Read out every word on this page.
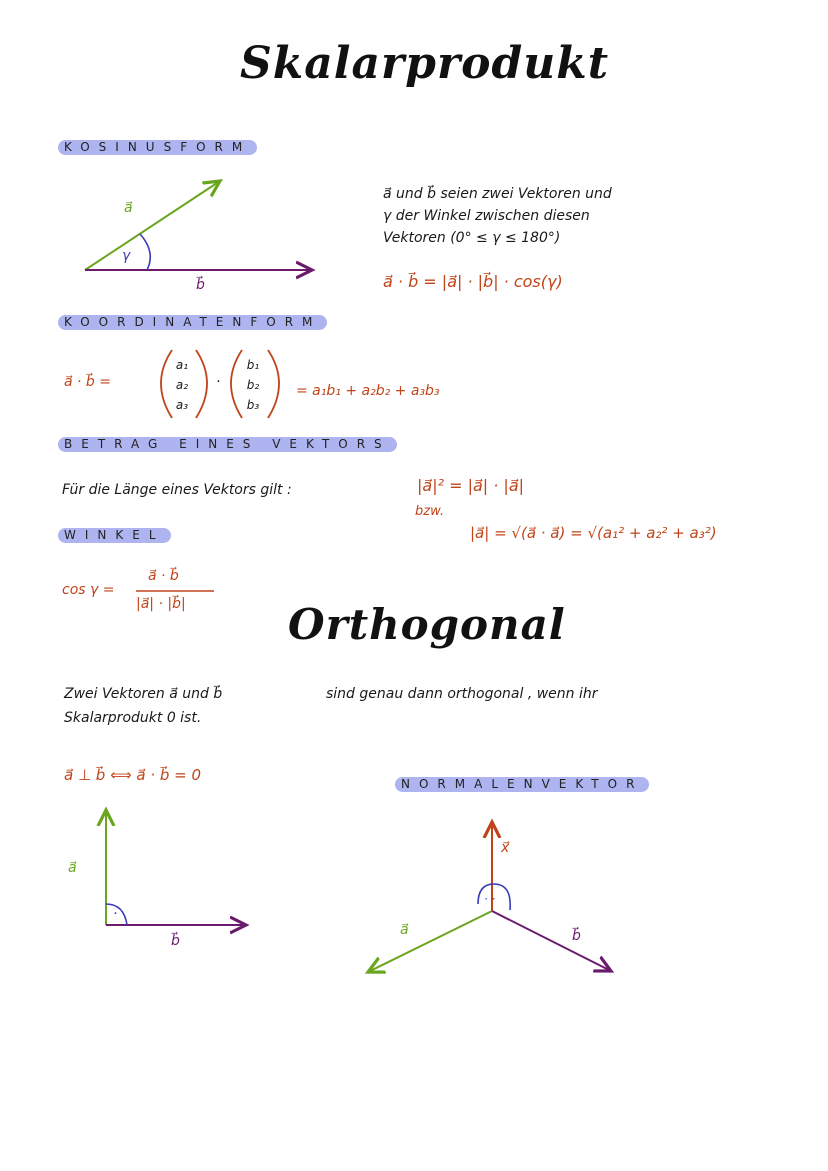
Skalarprodukt
Orthogonal
KOSINUSFORM
KOORDINATENFORM
BETRAG EINES VEKTORS
WINKEL
NORMALENVEKTOR
a⃗
b⃗
γ
a⃗ und b⃗ seien zwei Vektoren und
γ der Winkel zwischen diesen
Vektoren (0° ≤ γ ≤ 180°)
a⃗ · b⃗ = |a⃗| · |b⃗| · cos(γ)
a⃗ · b⃗ =
a₁
a₂
a₃
·
b₁
b₂
b₃
= a₁b₁ + a₂b₂ + a₃b₃
Für die Länge eines Vektors gilt :	|a⃗|² = |a⃗| · |a⃗|
bzw.
|a⃗| = √(a⃗ · a⃗) = √(a₁² + a₂² + a₃²)
cos γ =
a⃗ · b⃗
|a⃗| · |b⃗|
Zwei Vektoren a⃗ und b⃗	sind genau dann orthogonal , wenn ihr
Skalarprodukt 0 ist.
a⃗ ⊥ b⃗ ⟺ a⃗ · b⃗ = 0
a⃗
b⃗
·
x⃗
a⃗	b⃗
· ·
